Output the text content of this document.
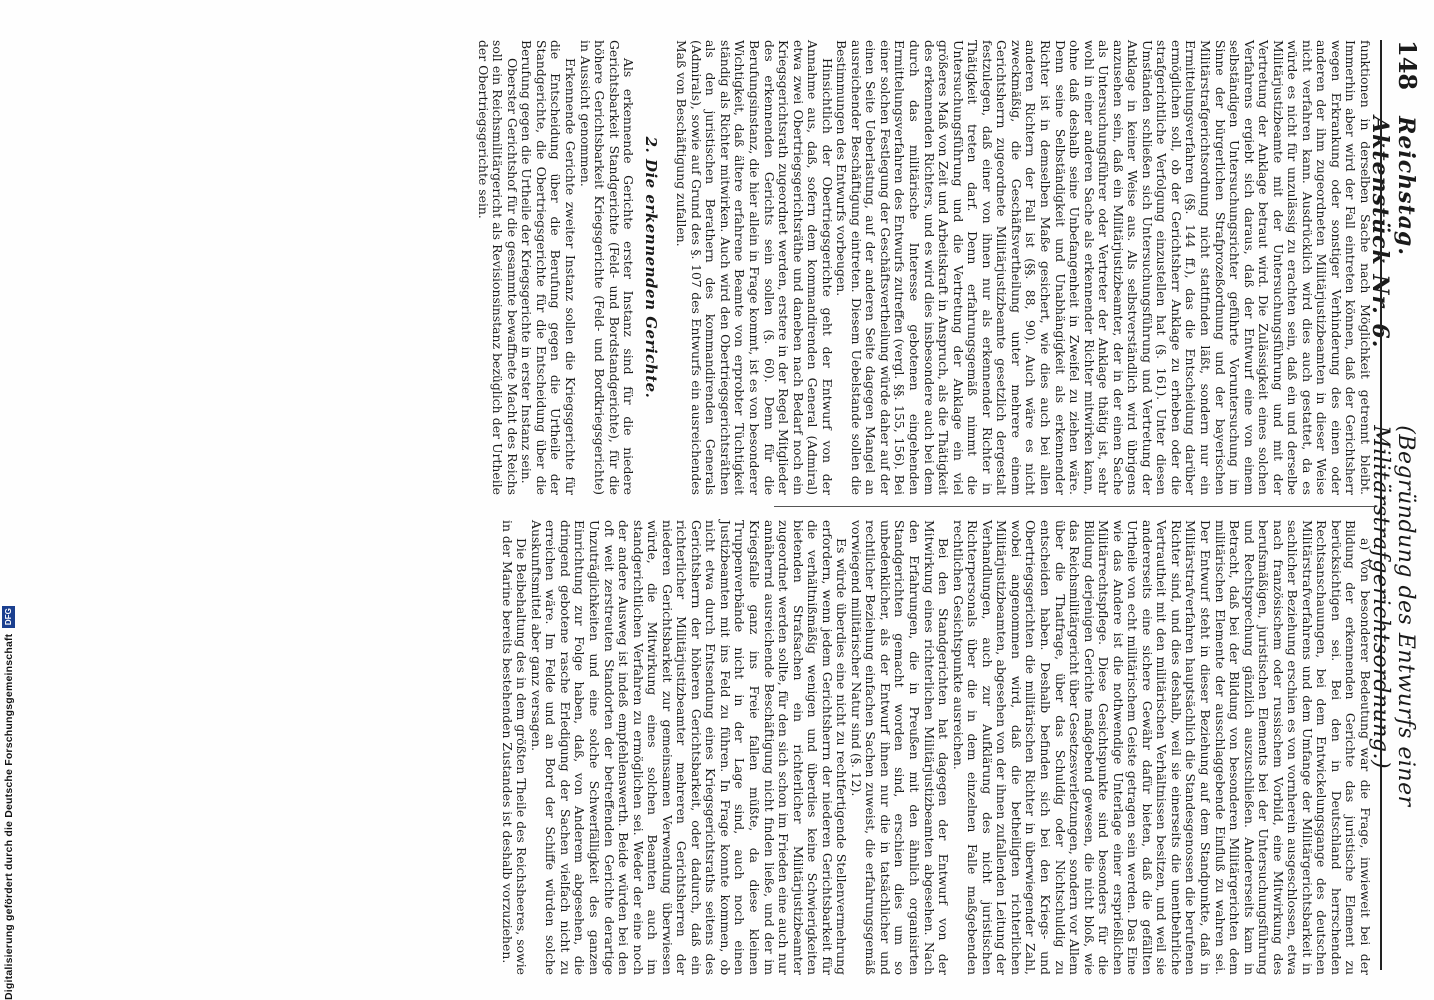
148
Reichstag. Aktenstück Nr. 6.
(Begründung des Entwurfs einer Militärstrafgerichtsordnung.)

funktionen in derselben Sache nach Möglichkeit getrennt bleibt. Immerhin aber wird der Fall eintreten können, daß der Gerichtsherr wegen Erkrankung oder sonstiger Verhinderung des einen oder anderen der ihm zugeordneten Militärjustizbeamten in dieser Weise nicht verfahren kann. Ausdrücklich wird dies auch gestattet, da es würde es nicht für unzulässig zu erachten sein, daß ein und derselbe Militärjustizbeamte mit der Untersuchungsführung und mit der Vertretung der Anklage betraut wird. Die Zulässigkeit eines solchen Verfahrens ergiebt sich daraus, daß der Entwurf eine von einem selbständigen Untersuchungsrichter geführte Voruntersuchung im Sinne der bürgerlichen Strafprozeßordnung und der bayerischen Militärstrafgerichtsordnung nicht stattfinden läßt, sondern nur ein Ermittelungsverfahren (§§. 144 ff.), das die Entscheidung darüber ermöglichen soll, ob der Gerichtsherr Anklage zu erheben oder die strafgerichtliche Verfolgung einzustellen hat (§. 161). Unter diesen Umständen schließen sich Untersuchungsführung und Vertretung der Anklage in keiner Weise aus. Als selbstverständlich wird übrigens anzusehen sein, daß ein Militärjustizbeamter, der in der einen Sache als Untersuchungsführer oder Vertreter der Anklage thätig ist, sehr wohl in einer anderen Sache als erkennender Richter mitwirken kann, ohne daß deshalb seine Unbefangenheit in Zweifel zu ziehen wäre. Denn seine Selbständigkeit und Unabhängigkeit als erkennender Richter ist in demselben Maße gesichert, wie dies auch bei allen anderen Richtern der Fall ist (§§. 88, 90). Auch wäre es nicht zweckmäßig, die Geschäftsvertheilung unter mehrere einem Gerichtsherrn zugeordnete Militärjustizbeamte gesetzlich dergestalt festzulegen, daß einer von ihnen nur als erkennender Richter in Thätigkeit treten darf. Denn erfahrungsgemäß nimmt die Untersuchungsführung und die Vertretung der Anklage ein viel größeres Maß von Zeit und Arbeitskraft in Anspruch, als die Thätigkeit des erkennenden Richters, und es wird dies insbesondere auch bei dem durch das militärische Interesse gebotenen eingehenden Ermittelungsverfahren des Entwurfs zutreffen (vergl. §§. 155, 156). Bei einer solchen Festlegung der Geschäftsvertheilung würde daher auf der einen Seite Ueberlastung, auf der anderen Seite dagegen Mangel an ausreichender Beschäftigung eintreten. Diesem Uebelstande sollen die Bestimmungen des Entwurfs vorbeugen.

Hinsichtlich der Obertriegsgerichte geht der Entwurf von der Annahme aus, daß, sofern dem kommandirenden General (Admiral) etwa zwei Obertriegsgerichtsräthe und daneben nach Bedarf noch ein Kriegsgerichtsrath zugeordnet werden, erstere in der Regel Mitglieder des erkennenden Gerichts sein sollen (§. 60). Denn für die Berufungsinstanz, die hier allein in Frage kommt, ist es von besonderer Wichtigkeit, daß ältere erfahrene Beamte von erprobter Tüchtigkeit ständig als Richter mitwirken. Auch wird den Obertriegsgerichtsräthen als den juristischen Berathern des kommandirenden Generals (Admirals), sowie auf Grund des §. 107 des Entwurfs ein ausreichendes Maß von Beschäftigung zufallen.

2. Die erkennenden Gerichte.

Als erkennende Gerichte erster Instanz sind für die niedere Gerichtsbarkeit Standgerichte (Feld- und Bordstandgerichte), für die höhere Gerichtsbarkeit Kriegsgerichte (Feld- und Bordkriegsgerichte) in Aussicht genommen.

Erkennende Gerichte zweiter Instanz sollen die Kriegsgerichte für die Entscheidung über die Berufung gegen die Urtheile der Standgerichte, die Obertriegsgerichte für die Entscheidung über die Berufung gegen die Urtheile der Kriegsgerichte in erster Instanz sein.

Oberster Gerichtshof für die gesammte bewaffnete Macht des Reichs soll ein Reichsmilitärgericht als Revisionsinstanz bezüglich der Urtheile der Obertriegsgerichte sein.

a) Von besonderer Bedeutung war die Frage, inwieweit bei der Bildung der erkennenden Gerichte das juristische Element zu berücksichtigen sei. Bei den in Deutschland herrschenden Rechtsanschauungen, bei dem Entwickelungsgange des deutschen Militärstrafverfahrens und dem Umfange der Militärgerichtsbarkeit in sachlicher Beziehung erschien es von vornherein ausgeschlossen, etwa nach französischem oder russischem Vorbild, eine Mitwirkung des berufsmäßigen, juristischen Elements bei der Untersuchungsführung und Rechtsprechung gänzlich auszuschließen. Andererseits kam in Betracht, daß bei der Bildung von besonderen Militärgerichten dem militärischen Elemente der ausschlaggebende Einfluß zu wahren sei. Der Entwurf steht in dieser Beziehung auf dem Standpunkte, daß in Militärstrafverfahren hauptsächlich die Standesgenossen die berufenen Richter sind, und dies deshalb, weil sie einerseits die unentbehrliche Vertrautheit mit den militärischen Verhältnissen besitzen, und weil sie andererseits eine sichere Gewähr dafür bieten, daß die gefällten Urtheile von echt militärischem Geiste getragen sein werden. Das Eine wie das Andere ist die nothwendige Unterlage einer ersprießlichen Militärrechtspflege. Diese Gesichtspunkte sind besonders für die Bildung derjenigen Gerichte maßgebend gewesen, die nicht bloß, wie das Reichsmilitärgericht über Gesetzesverletzungen, sondern vor Allem über die Thatfrage, über das Schuldig oder Nichtschuldig zu entscheiden haben. Deshalb befinden sich bei den Kriegs- und Obertriegsgerichten die militärischen Richter in überwiegender Zahl, wobei angenommen wird, daß die betheiligten richterlichen Militärjustizbeamten, abgesehen von der ihnen zufallenden Leitung der Verhandlungen, auch zur Aufklärung des nicht juristischen Richterpersonals über die in dem einzelnen Falle maßgebenden rechtlichen Gesichtspunkte ausreichen.

Bei den Standgerichten hat dagegen der Entwurf von der Mitwirkung eines richterlichen Militärjustizbeamten abgesehen. Nach den Erfahrungen, die in Preußen mit den ähnlich organisirten Standgerichten gemacht worden sind, erschien dies um so unbedenklicher, als der Entwurf ihnen nur die in tatsächlicher und rechtlicher Beziehung einfachen Sachen zuweist, die erfahrungsgemäß vorwiegend militärischer Natur sind (§. 12).

Es würde überdies eine nicht zu rechtfertigende Stellenvermehrung erfordern, wenn jedem Gerichtsherrn der niederen Gerichtsbarkeit für die verhältnißmäßig wenigen und überdies keine Schwierigkeiten bietenden Strafsachen ein richterlicher Militärjustizbeamter zugeordnet werden sollte, für den sich schon im Frieden eine auch nur annähernd ausreichende Beschäftigung nicht finden ließe, und der im Kriegsfalle ganz ins Freie fallen müßte, da diese kleinen Truppenverbände nicht in der Lage sind, auch noch einen Justizbeamten mit ins Feld zu führen. In Frage konnte kommen, ob nicht etwa durch Entsendung eines Kriegsgerichtsraths seitens des Gerichtsherrn der höheren Gerichtsbarkeit, oder dadurch, daß ein richterlicher Militärjustizbeamter mehreren Gerichtsherren der niederen Gerichtsbarkeit zur gemeinsamen Verwendung überwiesen würde, die Mitwirkung eines solchen Beamten auch im standgerichtlichen Verfahren zu ermöglichen sei. Weder der eine noch der andere Ausweg ist indeß empfehlenswerth. Beide würden bei den oft weit zerstreuten Standorten der betreffenden Gerichte derartige Unzuträglichkeiten und eine solche Schwerfälligkeit des ganzen Einrichtung zur Folge haben, daß, von Anderem abgesehen, die dringend gebotene rasche Erledigung der Sachen vielfach nicht zu erreichen wäre. Im Felde und an Bord der Schiffe würden solche Auskunftsmittel aber ganz versagen.

Die Beibehaltung des in dem größten Theile des Reichsheeres, sowie in der Marine bereits bestehenden Zustandes ist deshalb vorzuziehen.

Digitalisierung gefördert durch die Deutsche Forschungsgemeinschaft
DFG
